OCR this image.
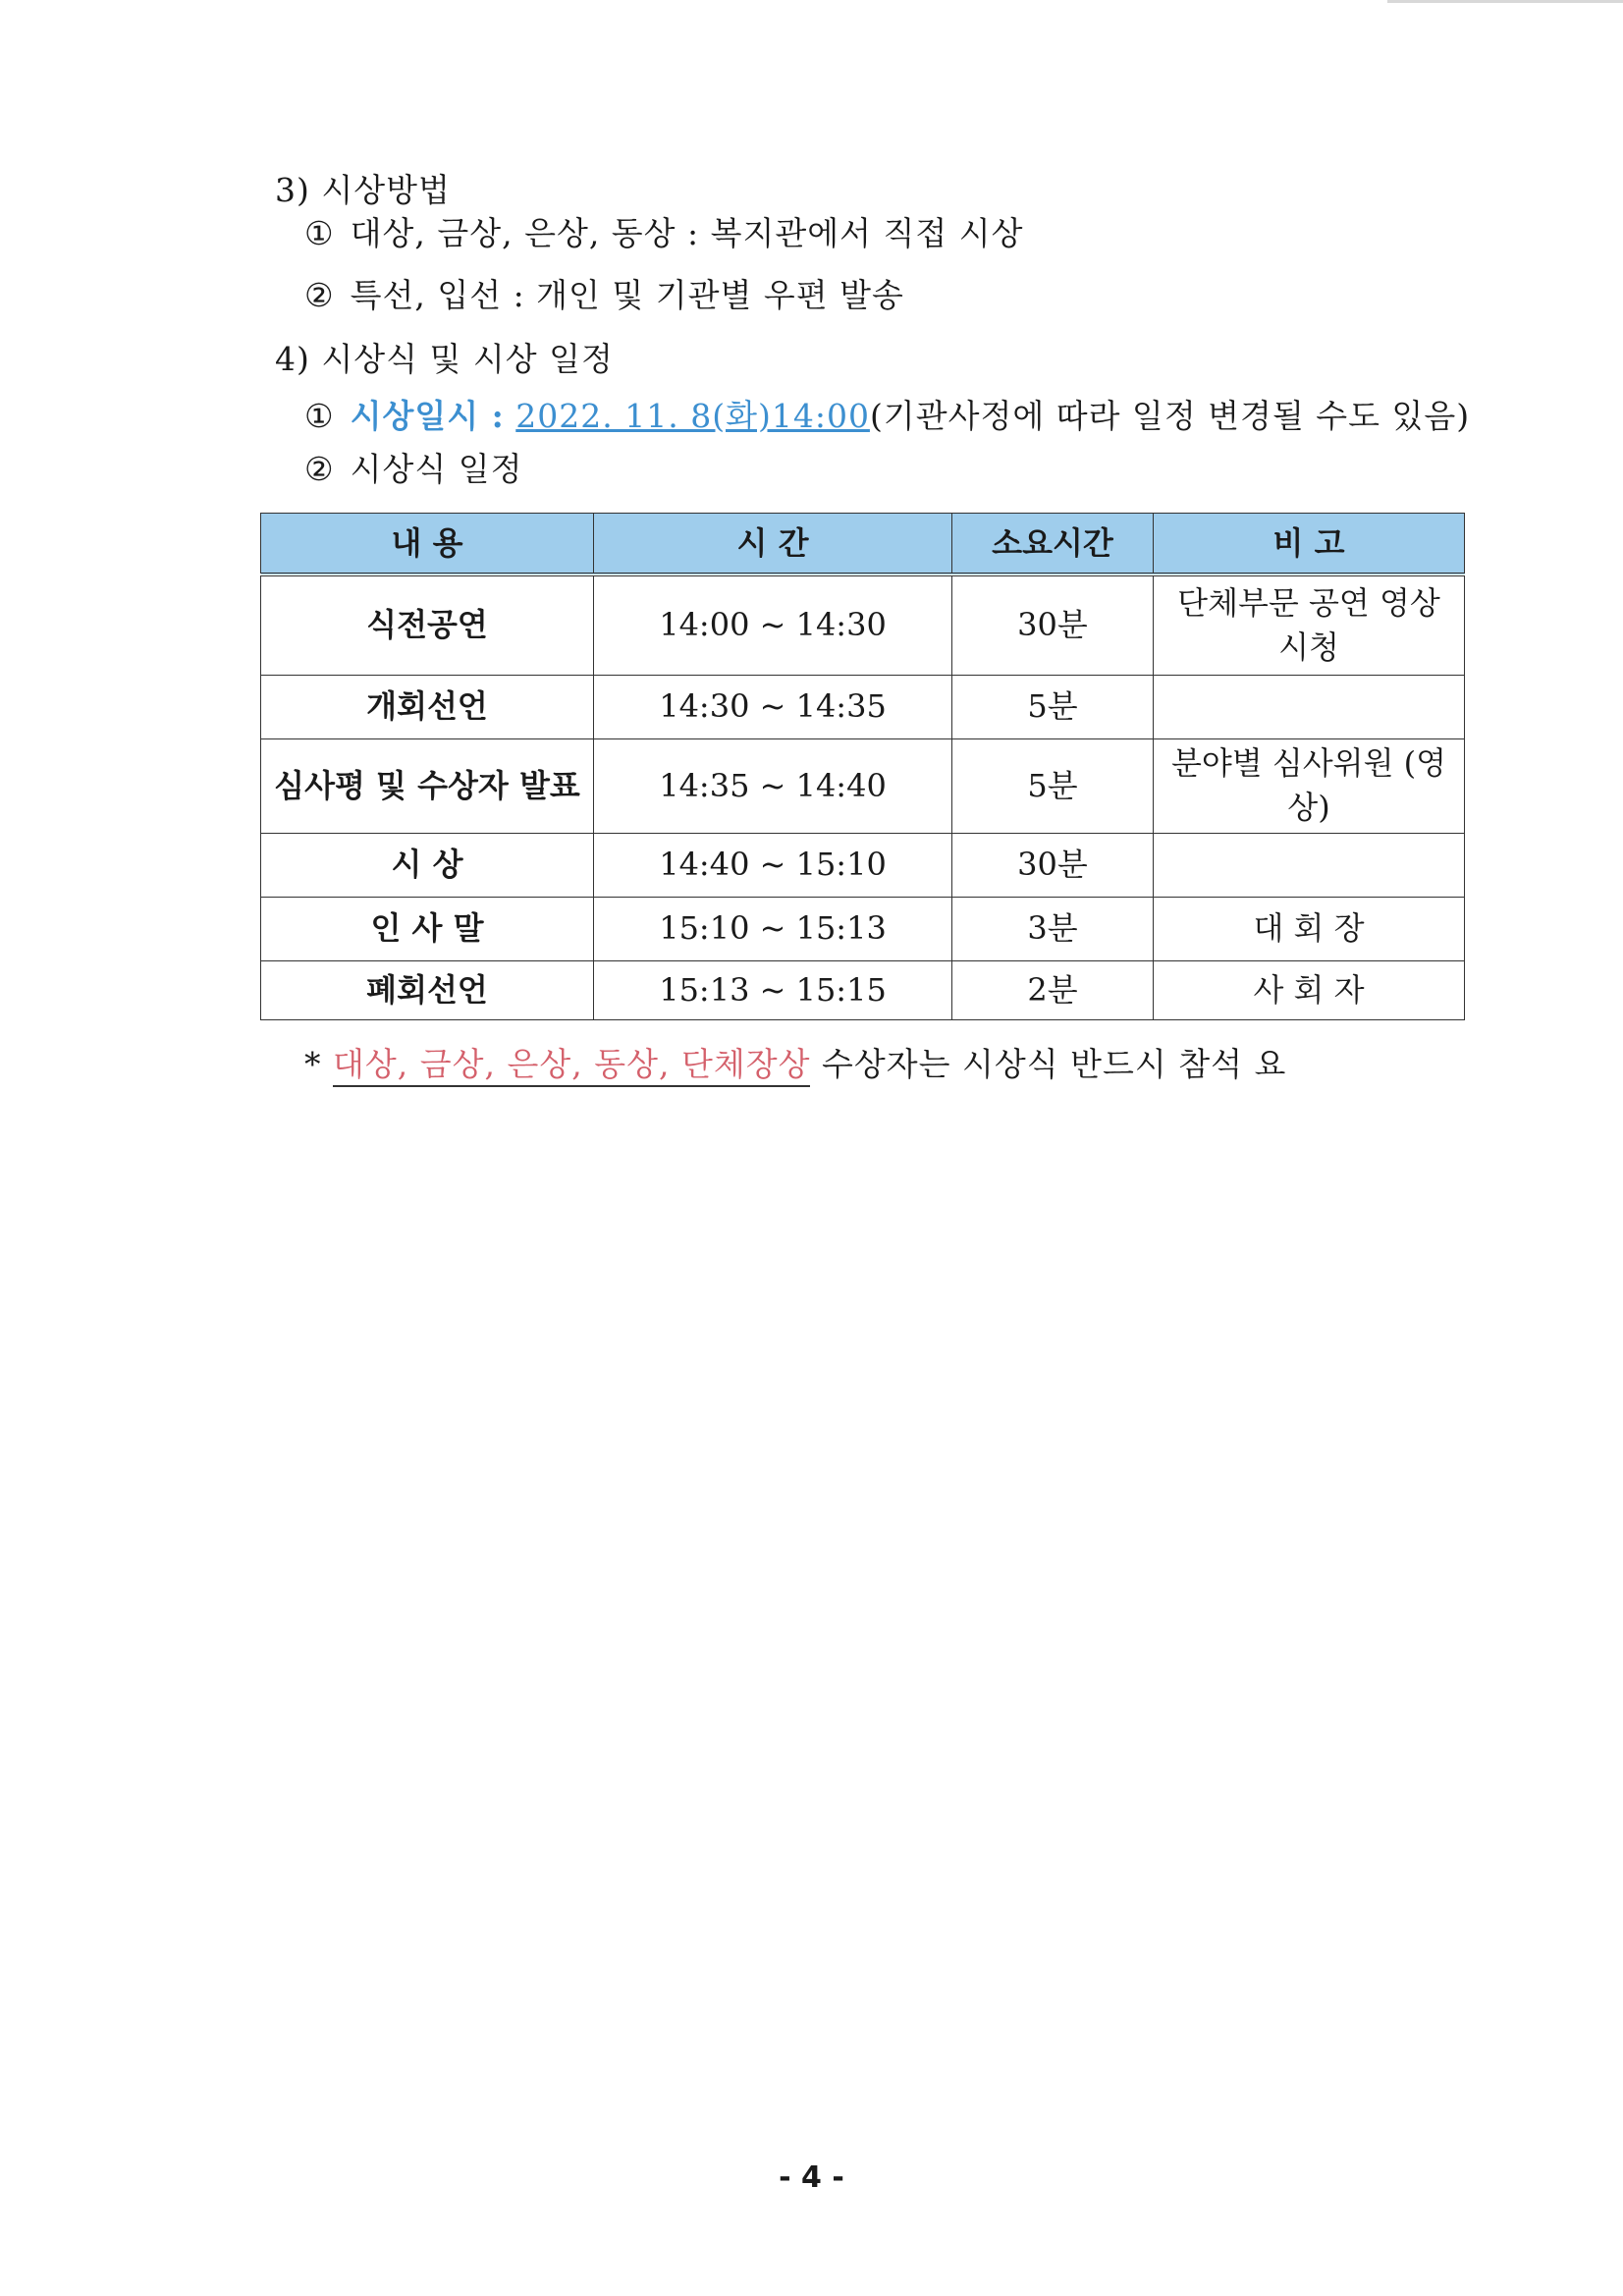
3) 시상방법
① 대상, 금상, 은상, 동상 : 복지관에서 직접 시상
② 특선, 입선 : 개인 및 기관별 우편 발송
4) 시상식 및 시상 일정
① 시상일시 : 2022. 11. 8(화)14:00(기관사정에 따라 일정 변경될 수도 있음)
② 시상식 일정
내 용	시 간	소요시간	비 고
식전공연	14:00 ~ 14:30	30분	단체부문 공연 영상 시청
개회선언	14:30 ~ 14:35	5분	
심사평 및 수상자 발표	14:35 ~ 14:40	5분	분야별 심사위원 (영상)
시 상	14:40 ~ 15:10	30분	
인 사 말	15:10 ~ 15:13	3분	대 회 장
폐회선언	15:13 ~ 15:15	2분	사 회 자
* 대상, 금상, 은상, 동상, 단체장상 수상자는 시상식 반드시 참석 요
- 4 -
